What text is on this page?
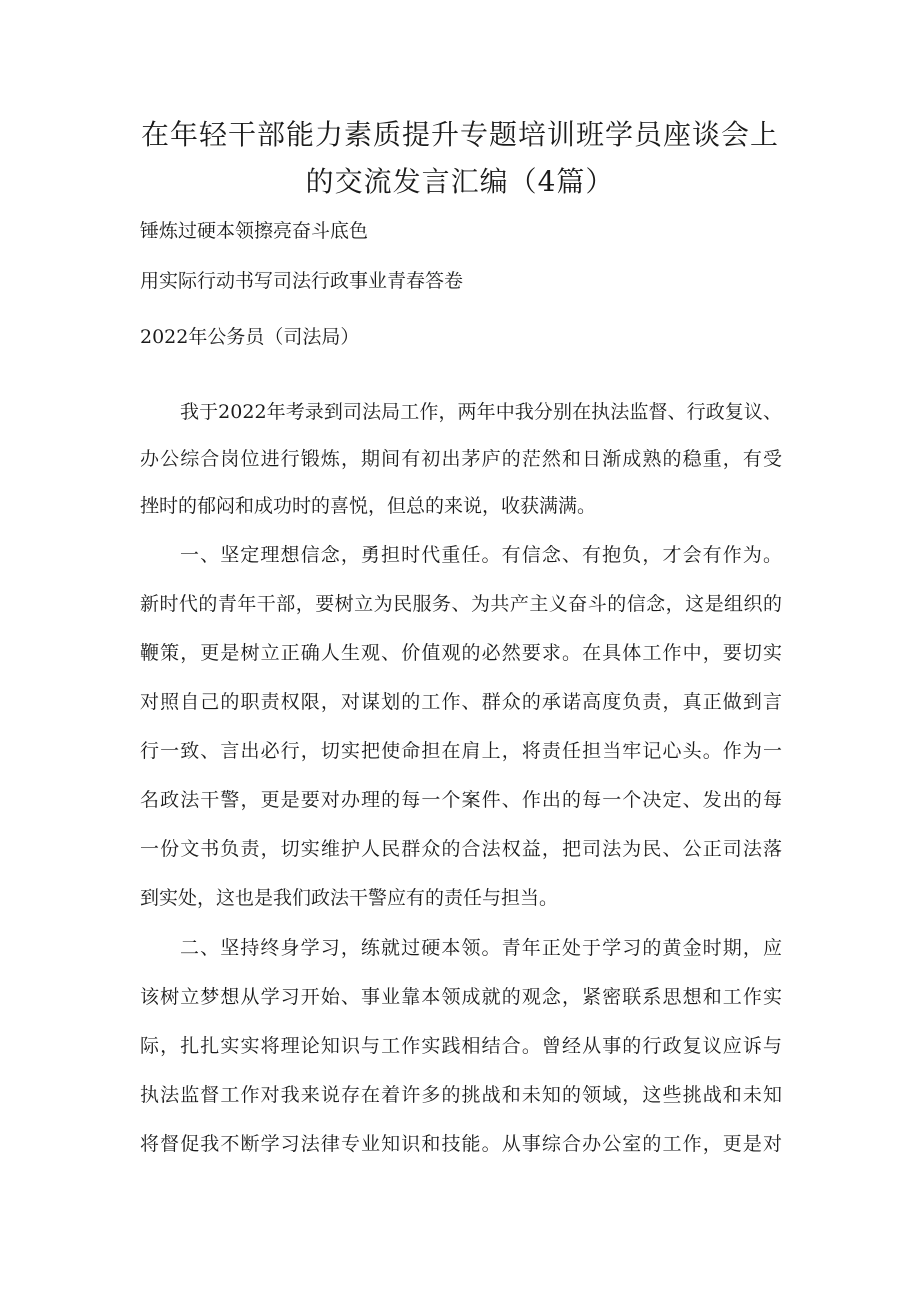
在年轻干部能力素质提升专题培训班学员座谈会上
的交流发言汇编（4篇）

锤炼过硬本领擦亮奋斗底色

用实际行动书写司法行政事业青春答卷

2022年公务员（司法局）

我于2022年考录到司法局工作，两年中我分别在执法监督、行政复议、

办公综合岗位进行锻炼，期间有初出茅庐的茫然和日渐成熟的稳重，有受

挫时的郁闷和成功时的喜悦，但总的来说，收获满满。

一、坚定理想信念，勇担时代重任。有信念、有抱负，才会有作为。

新时代的青年干部，要树立为民服务、为共产主义奋斗的信念，这是组织的

鞭策，更是树立正确人生观、价值观的必然要求。在具体工作中，要切实

对照自己的职责权限，对谋划的工作、群众的承诺高度负责，真正做到言

行一致、言出必行，切实把使命担在肩上，将责任担当牢记心头。作为一

名政法干警，更是要对办理的每一个案件、作出的每一个决定、发出的每

一份文书负责，切实维护人民群众的合法权益，把司法为民、公正司法落

到实处，这也是我们政法干警应有的责任与担当。

二、坚持终身学习，练就过硬本领。青年正处于学习的黄金时期，应

该树立梦想从学习开始、事业靠本领成就的观念，紧密联系思想和工作实

际，扎扎实实将理论知识与工作实践相结合。曾经从事的行政复议应诉与

执法监督工作对我来说存在着许多的挑战和未知的领域，这些挑战和未知

将督促我不断学习法律专业知识和技能。从事综合办公室的工作，更是对
